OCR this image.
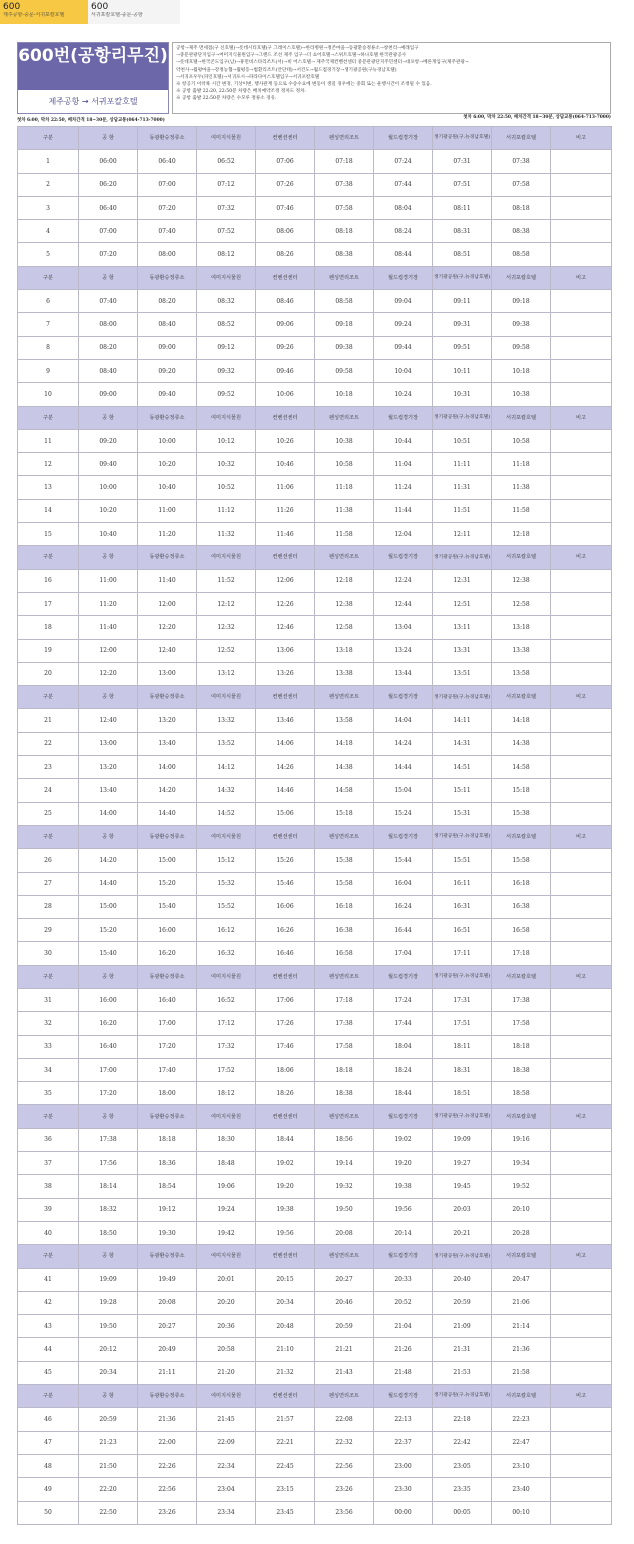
600
제주공항-중문-서귀포칼호텔
600
서귀포칼호텔-중문-공항
600번(공항리무진)
제주공항 → 서귀포칼호텔

공항→제주 면세점(구 신호텔)→롯데시티호텔(구 그레이스호텔)→한라병원→정존마을→동광환승정류소→창천리→예래입구

→중문관광단지입구→여미지식물원입구→그랜드 조선 제주 입구→더 쇼어호텔→스위트호텔→하나호텔 한국관광공사

→롯데호텔→한국콘도입구(남)→휴먼비스타리조트(서)→비 어스호텔→ 제주국제컨벤션센터 중문관광단지주민센터→대포항→베른게입구(제주관광→

약천사→월평마을→강정농협→월평동→법환리조트(안단테)→서건도→월드컵경기장→생기광공원(구뉴경남호텔)

→서귀포우두(파인호텔)→서귀포시→파라다이스호텔입구→서귀포칼호텔

※ 항공기 이착륙 시간 변경, 기상이변, 행사관계 등으로 수송수요에 변동이 생길 경우에는 중회 또는 운행시간이 조정될 수 있음.

※ 공항 출발 22:20, 22:50분 차량은 배치예약조정 정차도 정차.

※ 공항 출발 22:50분 차량은 수모루 정류소 경유.

첫차 6:00, 막차 22:50, 배차간격 18~30분, 상담교통(064-713-7000)
첫차 6:00, 막차 22:50, 배차간격 18~30분, 상담교통(064-713-7000)
구분	공 항	동광환승정류소	여미지식물원	컨벤션센터	펜싱면리조트	월드컵경기장	생기광공원(구.뉴경남호텔)	서귀포칼호텔	비고
1	06:00	06:40	06:52	07:06	07:18	07:24	07:31	07:38	
2	06:20	07:00	07:12	07:26	07:38	07:44	07:51	07:58	
3	06:40	07:20	07:32	07:46	07:58	08:04	08:11	08:18	
4	07:00	07:40	07:52	08:06	08:18	08:24	08:31	08:38	
5	07:20	08:00	08:12	08:26	08:38	08:44	08:51	08:58	
구분	공 항	동광환승정류소	여미지식물원	컨벤션센터	펜싱면리조트	월드컵경기장	생기광공원(구.뉴경남호텔)	서귀포칼호텔	비고
6	07:40	08:20	08:32	08:46	08:58	09:04	09:11	09:18	
7	08:00	08:40	08:52	09:06	09:18	09:24	09:31	09:38	
8	08:20	09:00	09:12	09:26	09:38	09:44	09:51	09:58	
9	08:40	09:20	09:32	09:46	09:58	10:04	10:11	10:18	
10	09:00	09:40	09:52	10:06	10:18	10:24	10:31	10:38	
구분	공 항	동광환승정류소	여미지식물원	컨벤션센터	펜싱면리조트	월드컵경기장	생기광공원(구.뉴경남호텔)	서귀포칼호텔	비고
11	09:20	10:00	10:12	10:26	10:38	10:44	10:51	10:58	
12	09:40	10:20	10:32	10:46	10:58	11:04	11:11	11:18	
13	10:00	10:40	10:52	11:06	11:18	11:24	11:31	11:38	
14	10:20	11:00	11:12	11:26	11:38	11:44	11:51	11:58	
15	10:40	11:20	11:32	11:46	11:58	12:04	12:11	12:18	
구분	공 항	동광환승정류소	여미지식물원	컨벤션센터	펜싱면리조트	월드컵경기장	생기광공원(구.뉴경남호텔)	서귀포칼호텔	비고
16	11:00	11:40	11:52	12:06	12:18	12:24	12:31	12:38	
17	11:20	12:00	12:12	12:26	12:38	12:44	12:51	12:58	
18	11:40	12:20	12:32	12:46	12:58	13:04	13:11	13:18	
19	12:00	12:40	12:52	13:06	13:18	13:24	13:31	13:38	
20	12:20	13:00	13:12	13:26	13:38	13:44	13:51	13:58	
구분	공 항	동광환승정류소	여미지식물원	컨벤션센터	펜싱면리조트	월드컵경기장	생기광공원(구.뉴경남호텔)	서귀포칼호텔	비고
21	12:40	13:20	13:32	13:46	13:58	14:04	14:11	14:18	
22	13:00	13:40	13:52	14:06	14:18	14:24	14:31	14:38	
23	13:20	14:00	14:12	14:26	14:38	14:44	14:51	14:58	
24	13:40	14:20	14:32	14:46	14:58	15:04	15:11	15:18	
25	14:00	14:40	14:52	15:06	15:18	15:24	15:31	15:38	
구분	공 항	동광환승정류소	여미지식물원	컨벤션센터	펜싱면리조트	월드컵경기장	생기광공원(구.뉴경남호텔)	서귀포칼호텔	비고
26	14:20	15:00	15:12	15:26	15:38	15:44	15:51	15:58	
27	14:40	15:20	15:32	15:46	15:58	16:04	16:11	16:18	
28	15:00	15:40	15:52	16:06	16:18	16:24	16:31	16:38	
29	15:20	16:00	16:12	16:26	16:38	16:44	16:51	16:58	
30	15:40	16:20	16:32	16:46	16:58	17:04	17:11	17:18	
구분	공 항	동광환승정류소	여미지식물원	컨벤션센터	펜싱면리조트	월드컵경기장	생기광공원(구.뉴경남호텔)	서귀포칼호텔	비고
31	16:00	16:40	16:52	17:06	17:18	17:24	17:31	17:38	
32	16:20	17:00	17:12	17:26	17:38	17:44	17:51	17:58	
33	16:40	17:20	17:32	17:46	17:58	18:04	18:11	18:18	
34	17:00	17:40	17:52	18:06	18:18	18:24	18:31	18:38	
35	17:20	18:00	18:12	18:26	18:38	18:44	18:51	18:58	
구분	공 항	동광환승정류소	여미지식물원	컨벤션센터	펜싱면리조트	월드컵경기장	생기광공원(구.뉴경남호텔)	서귀포칼호텔	비고
36	17:38	18:18	18:30	18:44	18:56	19:02	19:09	19:16	
37	17:56	18:36	18:48	19:02	19:14	19:20	19:27	19:34	
38	18:14	18:54	19:06	19:20	19:32	19:38	19:45	19:52	
39	18:32	19:12	19:24	19:38	19:50	19:56	20:03	20:10	
40	18:50	19:30	19:42	19:56	20:08	20:14	20:21	20:28	
구분	공 항	동광환승정류소	여미지식물원	컨벤션센터	펜싱면리조트	월드컵경기장	생기광공원(구.뉴경남호텔)	서귀포칼호텔	비고
41	19:09	19:49	20:01	20:15	20:27	20:33	20:40	20:47	
42	19:28	20:08	20:20	20:34	20:46	20:52	20:59	21:06	
43	19:50	20:27	20:36	20:48	20:59	21:04	21:09	21:14	
44	20:12	20:49	20:58	21:10	21:21	21:26	21:31	21:36	
45	20:34	21:11	21:20	21:32	21:43	21:48	21:53	21:58	
구분	공 항	동광환승정류소	여미지식물원	컨벤션센터	펜싱면리조트	월드컵경기장	생기광공원(구.뉴경남호텔)	서귀포칼호텔	비고
46	20:59	21:36	21:45	21:57	22:08	22:13	22:18	22:23	
47	21:23	22:00	22:09	22:21	22:32	22:37	22:42	22:47	
48	21:50	22:26	22:34	22:45	22:56	23:00	23:05	23:10	
49	22:20	22:56	23:04	23:15	23:26	23:30	23:35	23:40	
50	22:50	23:26	23:34	23:45	23:56	00:00	00:05	00:10	
